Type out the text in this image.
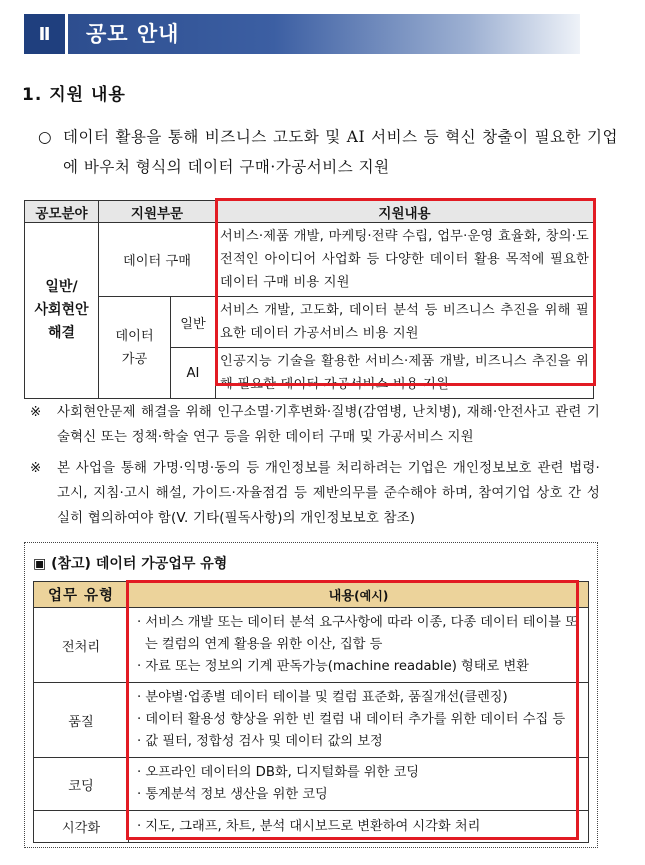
Ⅱ	공모 안내
1. 지원 내용
○ 데이터 활용을 통해 비즈니스 고도화 및 AI 서비스 등 혁신 창출이 필요한 기업에 바우처 형식의 데이터 구매·가공서비스 지원
공모분야	지원부문		지원내용
일반/
사회현안
해결	데이터 구매		서비스·제품 개발, 마케팅·전략 수립, 업무·운영 효율화, 창의·도전적인 아이디어 사업화 등 다양한 데이터 활용 목적에 필요한 데이터 구매 비용 지원
	데이터
가공	일반	서비스 개발, 고도화, 데이터 분석 등 비즈니스 추진을 위해 필요한 데이터 가공서비스 비용 지원
		AI	인공지능 기술을 활용한 서비스·제품 개발, 비즈니스 추진을 위해 필요한 데이터 가공서비스 비용 지원
※ 사회현안문제 해결을 위해 인구소멸·기후변화·질병(감염병, 난치병), 재해·안전사고 관련 기술혁신 또는 정책·학술 연구 등을 위한 데이터 구매 및 가공서비스 지원
※ 본 사업을 통해 가명·익명·동의 등 개인정보를 처리하려는 기업은 개인정보보호 관련 법령·고시, 지침·고시 해설, 가이드·자율점검 등 제반의무를 준수해야 하며, 참여기업 상호 간 성실히 협의하여야 함(V. 기타(필독사항)의 개인정보보호 참조)
▣ (참고) 데이터 가공업무 유형
업무 유형	내용(예시)
전처리	· 서비스 개발 또는 데이터 분석 요구사항에 따라 이종, 다종 데이터 테이블 또는 컬럼의 연계 활용을 위한 이산, 집합 등
· 자료 또는 정보의 기계 판독가능(machine readable) 형태로 변환

품질	· 분야별·업종별 데이터 테이블 및 컬럼 표준화, 품질개선(클렌징)
· 데이터 활용성 향상을 위한 빈 컬럼 내 데이터 추가를 위한 데이터 수집 등
· 값 필터, 정합성 검사 및 데이터 값의 보정

코딩	· 오프라인 데이터의 DB화, 디지털화를 위한 코딩
· 통계분석 정보 생산을 위한 코딩

시각화	· 지도, 그래프, 차트, 분석 대시보드로 변환하여 시각화 처리
